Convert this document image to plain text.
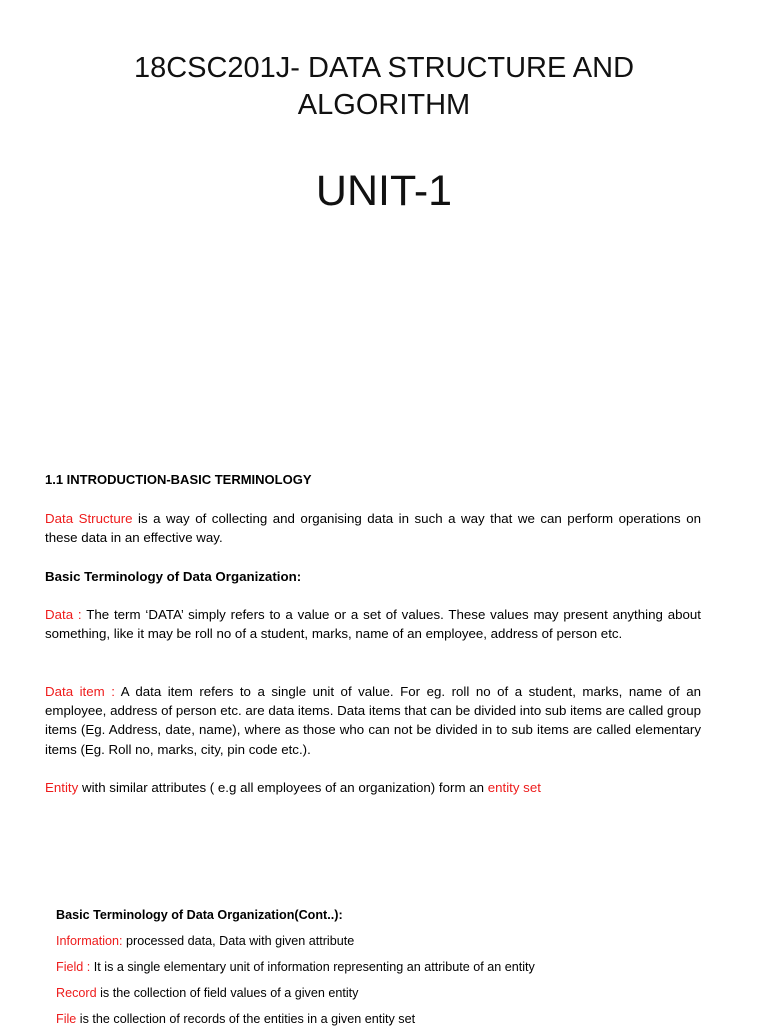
18CSC201J- DATA STRUCTURE AND
ALGORITHM
UNIT-1
1.1 INTRODUCTION-BASIC TERMINOLOGY

Data Structure is a way of collecting and organising data in such a way that we can perform operations on these data in an effective way.

Basic Terminology of Data Organization:

Data : The term ‘DATA’ simply refers to a value or a set of values. These values may present anything about something, like it may be roll no of a student, marks, name of an employee, address of person etc.

Data item : A data item refers to a single unit of value. For eg. roll no of a student, marks, name of an employee, address of person etc. are data items. Data items that can be divided into sub items are called group items (Eg. Address, date, name), where as those who can not be divided in to sub items are called elementary items (Eg. Roll no, marks, city, pin code etc.).

Entity with similar attributes ( e.g all employees of an organization) form an entity set

Basic Terminology of Data Organization(Cont..):
Information: processed data, Data with given attribute
Field : It is a single elementary unit of information representing an attribute of an entity
Record is the collection of field values of a given entity
File is the collection of records of the entities in a given entity set
